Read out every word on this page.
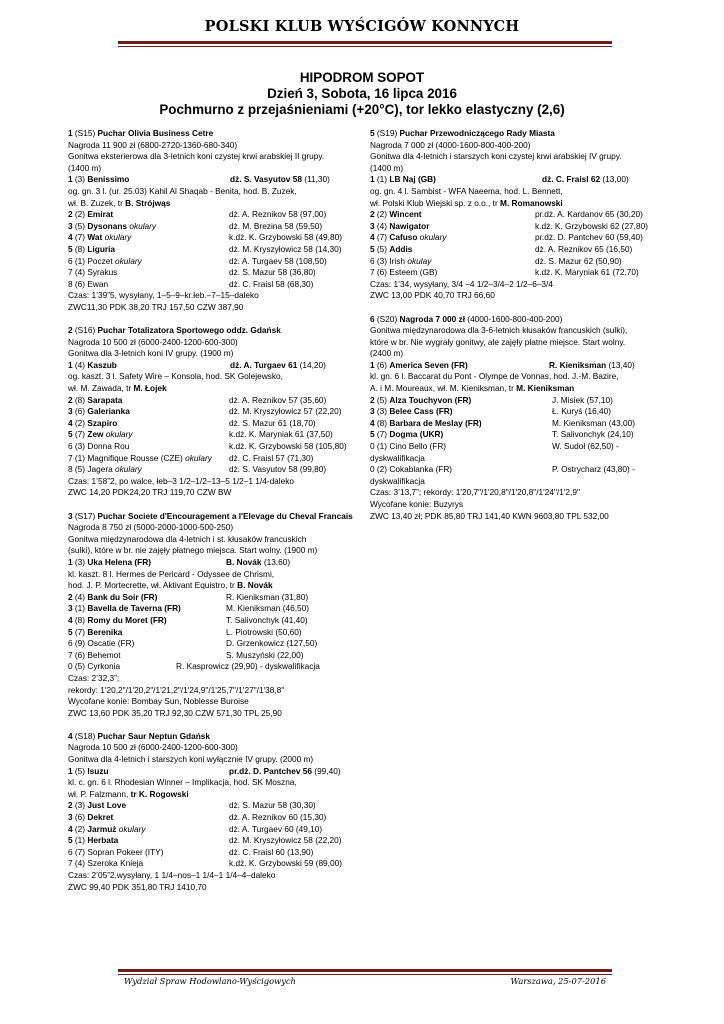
POLSKI KLUB WYŚCIGÓW KONNYCH
HIPODROM SOPOT
Dzień 3, Sobota, 16 lipca 2016
Pochmurno z przejaśnieniami (+20°C), tor lekko elastyczny (2,6)
1 (S15) Puchar Olivia Business Cetre
Nagroda 11 900 zł (6800-2720-1360-680-340)
Gonitwa eksterierowa dla 3-letnich koni czystej krwi arabskiej II grupy.
(1400 m)
1 (3) Benissimo	dż. S. Vasyutov 58 (11,30)
og. gn. 3 l. (ur. 25.03) Kahil Al Shaqab - Benita, hod. B. Zuzek,
wł. B. Zuzek, tr B. Strójwąs
2 (2) Emirat	dż. A. Reznikov 58 (97,00)
3 (5) Dysonans okulary	dż. M. Brezina 58 (59,50)
4 (7) Wat okulary	k.dż. K. Grzybowski 58 (49,80)
5 (8) Liguria	dż. M. Kryszyłowicz 58 (14,30)
6 (1) Poczet okulary	dż. A. Turgaev 58 (108,50)
7 (4) Syrakus	dż. S. Mazur 58 (36,80)
8 (6) Ewan	dż. C. Fraisl 58 (68,30)
Czas: 1’39”5, wysyłany, 1–5–9–kr.łeb.–7–15–daleko
ZWC11,30 PDK 38,20 TRJ 157,50 CZW 387,90
2 (S16) Puchar Totalizatora Sportowego oddz. Gdańsk
Nagroda 10 500 zł (6000-2400-1200-600-300)
Gonitwa dla 3-letnich koni IV grupy. (1900 m)
1 (4) Kaszub	dż. A. Turgaev 61 (14,20)
og. kaszt. 3 l. Safety Wire – Konsola, hod. SK Golejewsko,
wł. M. Zawada, tr M. Łojek
2 (8) Sarapata	dż. A. Reznikov 57 (35,60)
3 (6) Galerianka	dż. M. Kryszyłowicz 57 (22,20)
4 (2) Szapiro	dż. S. Mazur 61 (18,70)
5 (7) Zew okulary	k.dż. K. Maryniak 61 (37,50)
6 (3) Donna Rou	k.dż. K. Grzybowski 58 (105,80)
7 (1) Magnifique Rousse (CZE) okulary dż. C. Fraisl 57 (71,30)
8 (5) Jagera okulary	dż. S. Vasyutov 58 (99,80)
Czas: 1’58”2, po walce, łeb–3 1/2–1/2–13–5 1/2–1 1/4-daleko
ZWC 14,20 PDK24,20 TRJ 119,70 CZW BW
3 (S17) Puchar Societe d'Encouragement a l'Elevage du Cheval Francais
Nagroda 8 750 zł (5000-2000-1000-500-250)
Gonitwa międzynarodowa dla 4-letnich i st. kłusaków francuskich
(sulki), które w br. nie zajęły płatnego miejsca. Start wolny. (1900 m)
1 (3) Uka Helena (FR)	B. Novák (13,60)
kl. kaszt. 8 l. Hermes de Pericard - Odyssee de Chrismi,
hod. J. P. Mortecrette, wł. Aktivant Equistro, tr B. Novák
2 (4) Bank du Soir (FR)	R. Kieniksman (31,80)
3 (1) Bavella de Taverna (FR)	M. Kieniksman (46,50)
4 (8) Romy du Moret (FR)	T. Salivonchyk (41,40)
5 (7) Berenika	L. Piotrowski (50,60)
6 (9) Oscatie (FR)	D. Grzenkowicz (127,50)
7 (6) Behemot	S. Muszyński (22,00)
0 (5) Cyrkonia	R. Kasprowicz (29,90) - dyskwalifikacja
Czas: 2’32,3”;
rekordy: 1'20,2"/1'20,2"/1'21,2"/1'24,9"/1'25,7"/1'27"/1'38,8"
Wycofane konie: Bombay Sun, Noblesse Buroise
ZWC 13,60 PDK 35,20 TRJ 92,30 CZW 571,30 TPL 25,90
4 (S18) Puchar Saur Neptun Gdańsk
Nagroda 10 500 zł (6000-2400-1200-600-300)
Gonitwa dla 4-letnich i starszych koni wyłącznie IV grupy. (2000 m)
1 (5) Isuzu	pr.dż. D. Pantchev 56 (99,40)
kl. c. gn. 6 l. Rhodesian Winner – Implikacja, hod. SK Moszna,
wł. P. Falzmann, tr K. Rogowski
2 (3) Just Love	dż. S. Mazur 58 (30,30)
3 (6) Dekret	dż. A. Reznikov 60 (15,30)
4 (2) Jarmuż okulary	dż. A. Turgaev 60 (49,10)
5 (1) Herbata	dż. M. Kryszyłowicz 58 (22,20)
6 (7) Sopran Pokeer (ITY)	dż. C. Fraisl 60 (13,90)
7 (4) Szeroka Knieja	k.dż. K. Grzybowski 59 (89,00)
Czas: 2’05”2,wysyłany, 1 1/4–nos–1 1/4–1 1/4–4–daleko
ZWC 99,40 PDK 351,80 TRJ 1410,70
5 (S19) Puchar Przewodniczącego Rady Miasta
Nagroda 7 000 zł (4000-1600-800-400-200)
Gonitwa dla 4-letnich i starszych koni czystej krwi arabskiej IV grupy.
(1400 m)
1 (1) LB Naj (GB)	dż. C. Fraisl 62 (13,00)
og. gn. 4 l. Sambist - WFA Naeema, hod. L. Bennett,
wł. Polski Klub Wiejski sp. z o.o., tr M. Romanowski
2 (2) Wincent	pr.dż. A. Kardanov 65 (30,20)
3 (4) Nawigator	k.dż. K. Grzybowski 62 (27,80)
4 (7) Cafuso okulary	pr.dż. D. Pantchev 60 (59,40)
5 (5) Addis	dż. A. Reznikov 65 (16,50)
6 (3) Irish okulay	dż. S. Mazur 62 (50,90)
7 (6) Esteem (GB)	k.dż. K. Maryniak 61 (72,70)
Czas: 1’34, wysyłany, 3/4 –4 1/2–3/4–2 1/2–6–3/4
ZWC 13,00 PDK 40,70 TRJ 66,60
6 (S20) Nagroda 7 000 zł (4000-1600-800-400-200)
Gonitwa międzynarodowa dla 3-6-letnich kłusaków francuskich (sulki),
które w br. Nie wygrały gonitwy, ale zajęły płatne miejsce. Start wolny.
(2400 m)
1 (6) America Seven (FR)	R. Kieniksman (13,40)
kl. gn. 6 l. Baccarat du Pont - Olympe de Vonnas, hod. J.-M. Bazire,
A. i M. Moureaux, wł. M. Kieniksman, tr M. Kieniksman
2 (5) Alza Touchyvon (FR)	J. Misiek (57,10)
3 (3) Belee Cass (FR)	Ł. Kuryś (16,40)
4 (8) Barbara de Meslay (FR)	M. Kieniksman (43,00)
5 (7) Dogma (UKR)	T. Salivonchyk (24,10)
0 (1) Cino Bello (FR)	W. Sudoł (62,50) -
dyskwalifikacja
0 (2) Cokablanka (FR)	P. Ostrycharz (43,80) -
dyskwalifikacja
Czas: 3’13,7”; rekordy: 1'20,7"/1'20,8"/1'20,8"/1'24"/1'2,9"
Wycofane konie: Buzyrys
ZWC 13,40 zł; PDK 85,80 TRJ 141,40 KWN 9603,80 TPL 532,00
Wydział Spraw Hodowlano-Wyścigowych	Warszawa, 25-07-2016
